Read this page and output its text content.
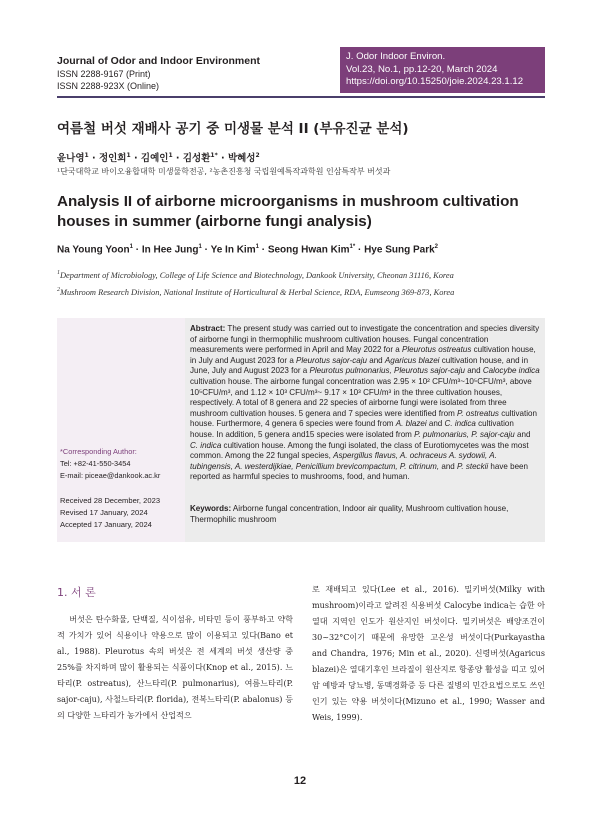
Journal of Odor and Indoor Environment
ISSN 2288-9167 (Print)
ISSN 2288-923X (Online)
J. Odor Indoor Environ.
Vol.23, No.1, pp.12-20, March 2024
https://doi.org/10.15250/joie.2024.23.1.12
여름철 버섯 재배사 공기 중 미생물 분석 II (부유진균 분석)
윤나영$^1$ · 정인희$^1$ · 김예인$^1$ · 김성환$^{1*}$ · 박혜성$^2$
¹단국대학교 바이오융합대학 미생물학전공, ²농촌진흥청 국립원예특작과학원 인삼특작부 버섯과
Analysis II of airborne microorganisms in mushroom cultivation houses in summer (airborne fungi analysis)
Na Young Yoon$^1$ · In Hee Jung$^1$ · Ye In Kim$^1$ · Seong Hwan Kim$^{1*}$ · Hye Sung Park$^2$
$^1$Department of Microbiology, College of Life Science and Biotechnology, Dankook University, Cheonan 31116, Korea
$^2$Mushroom Research Division, National Institute of Horticultural & Herbal Science, RDA, Eumseong 369-873, Korea
Abstract: The present study was carried out to investigate the concentration and species diversity of airborne fungi in thermophilic mushroom cultivation houses. Fungal concentration measurements were performed in April and May 2022 for a Pleurotus ostreatus cultivation house, in July and August 2023 for a Pleurotus sajor-caju and Agaricus blazei cultivation house, and in June, July and August 2023 for a Pleurotus pulmonarius, Pleurotus sajor-caju and Calocybe indica cultivation house. The airborne fungal concentration was 2.95 × 10² CFU/m³~10⁵CFU/m³, above 10⁵CFU/m³, and 1.12 × 10³ CFU/m³~ 9.17 × 10³ CFU/m³ in the three cultivation houses, respectively. A total of 8 genera and 22 species of airborne fungi were isolated from three mushroom cultivation houses. 5 genera and 7 species were identified from P. ostreatus cultivation house. Furthermore, 4 genera 6 species were found from A. blazei and C. indica cultivation house. In addition, 5 genera and15 species were isolated from P. pulmonarius, P. sajor-caju and C. indica cultivation house. Among the fungi isolated, the class of Eurotiomycetes was the most common. Among the 22 fungal species, Aspergillus flavus, A. ochraceus A. sydowii, A. tubingensis, A. westerdijkiae, Penicillium brevicompactum, P. citrinum, and P. steckii have been reported as harmful species to mushrooms, food, and human.
Keywords: Airborne fungal concentration, Indoor air quality, Mushroom cultivation house, Thermophilic mushroom
*Corresponding Author:
Tel: +82-41-550-3454
E-mail: piceae@dankook.ac.kr
Received 28 December, 2023
Revised 17 January, 2024
Accepted 17 January, 2024
1. 서 론
버섯은 탄수화물, 단백질, 식이섬유, 비타민 등이 풍부하고 약학적 가치가 있어 식용이나 약용으로 많이 이용되고 있다(Bano et al., 1988). Pleurotus 속의 버섯은 전 세계의 버섯 생산량 중 25%를 차지하며 많이 활용되는 식품이다(Knop et al., 2015). 느타리(P. ostreatus), 산느타리(P. pulmonarius), 여름느타리(P. sajor-caju), 사철느타리(P. florida), 전복느타리(P. abalonus) 등의 다양한 느타리가 농가에서 산업적으
로 재배되고 있다(Lee et al., 2016). 밀키버섯(Milky with mushroom)이라고 알려진 식용버섯 Calocybe indica는 습한 아열대 지역인 인도가 원산지인 버섯이다. 밀키버섯은 배양조건이 30~32°C이기 때문에 유망한 고온성 버섯이다(Purkayastha and Chandra, 1976; Min et al., 2020). 신령버섯(Agaricus blazei)은 열대기후인 브라질이 원산지로 항종양 활성을 띠고 있어 암 예방과 당뇨병, 동맥경화증 등 다른 질병의 민간요법으로도 쓰인 인기 있는 약용 버섯이다(Mizuno et al., 1990; Wasser and Weis, 1999).
12
